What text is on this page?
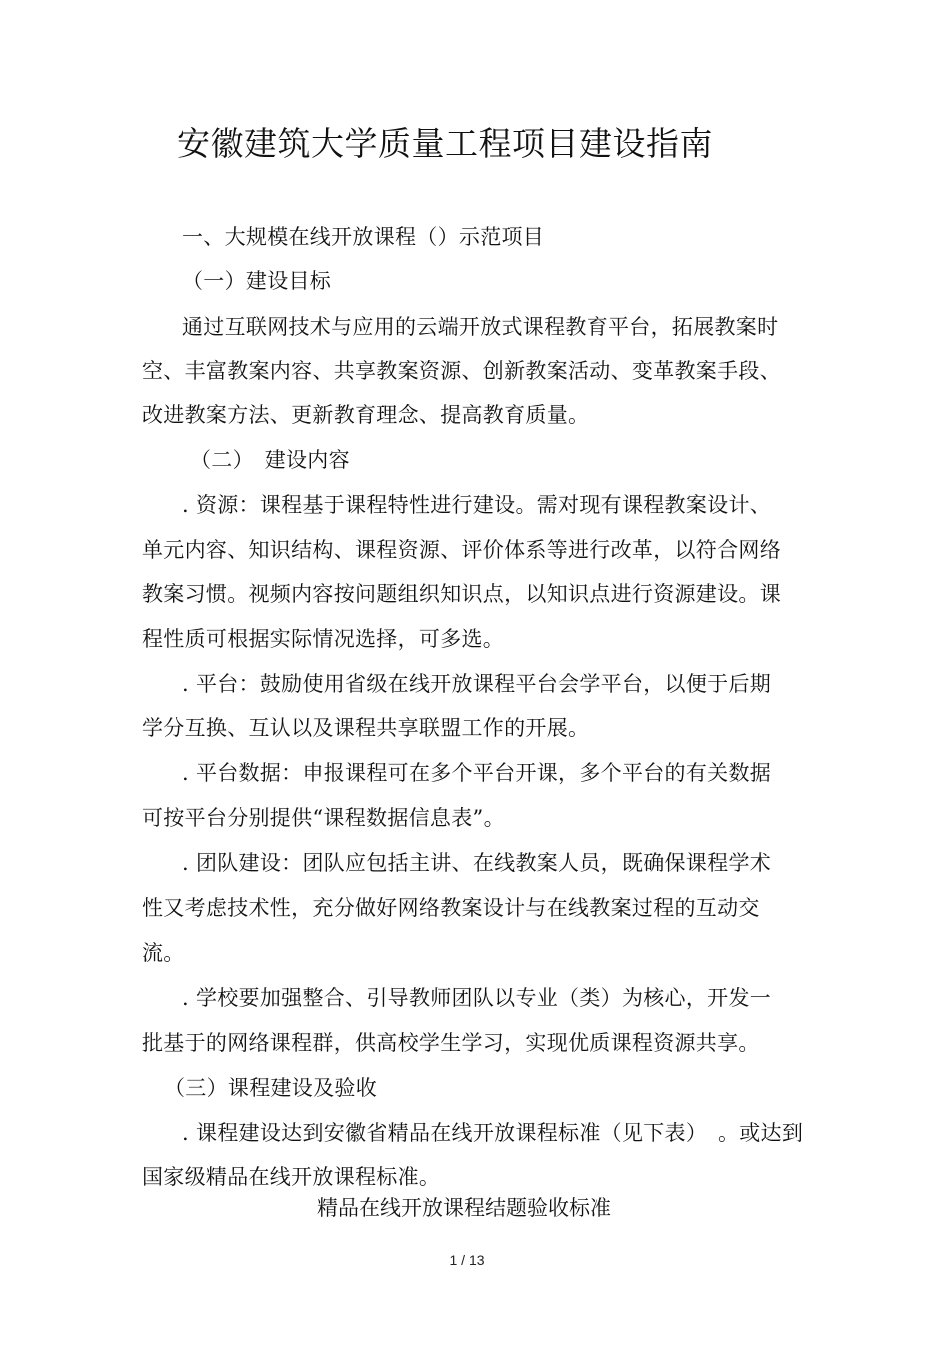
安徽建筑大学质量工程项目建设指南
一、大规模在线开放课程（）示范项目
（一）建设目标
通过互联网技术与应用的云端开放式课程教育平台，拓展教案时
空、丰富教案内容、共享教案资源、创新教案活动、变革教案手段、
改进教案方法、更新教育理念、提高教育质量。
（二）　建设内容
. 资源：课程基于课程特性进行建设。需对现有课程教案设计、
单元内容、知识结构、课程资源、评价体系等进行改革，以符合网络
教案习惯。视频内容按问题组织知识点，以知识点进行资源建设。课
程性质可根据实际情况选择，可多选。
. 平台：鼓励使用省级在线开放课程平台会学平台，以便于后期
学分互换、互认以及课程共享联盟工作的开展。
. 平台数据：申报课程可在多个平台开课，多个平台的有关数据
可按平台分别提供“课程数据信息表”。
. 团队建设：团队应包括主讲、在线教案人员，既确保课程学术
性又考虑技术性，充分做好网络教案设计与在线教案过程的互动交
流。
. 学校要加强整合、引导教师团队以专业（类）为核心，开发一
批基于的网络课程群，供高校学生学习，实现优质课程资源共享。
（三）课程建设及验收
. 课程建设达到安徽省精品在线开放课程标准（见下表）　。或达到
国家级精品在线开放课程标准。
精品在线开放课程结题验收标准
1 / 13
